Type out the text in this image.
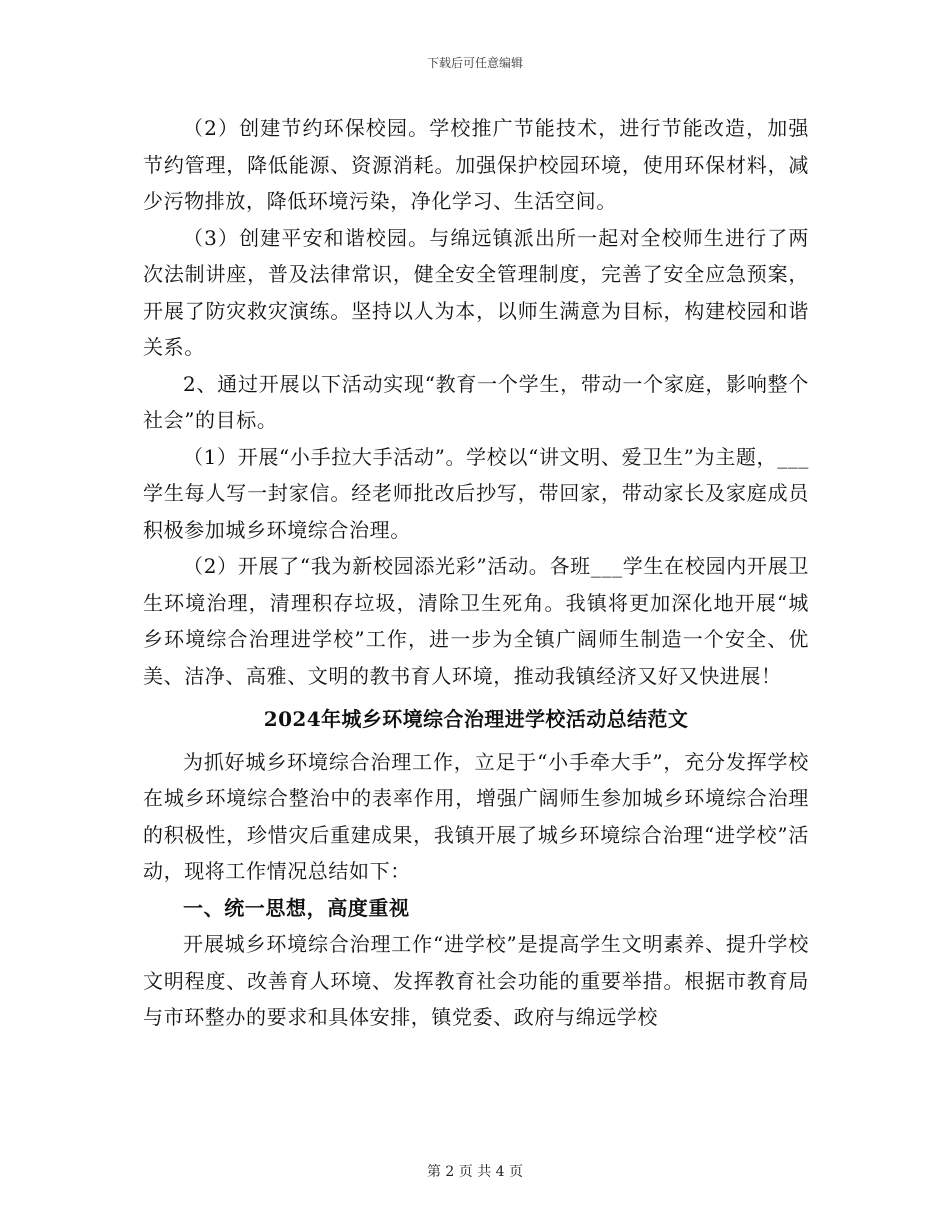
下载后可任意编辑

（2）创建节约环保校园。学校推广节能技术，进行节能改造，加强节约管理，降低能源、资源消耗。加强保护校园环境，使用环保材料，减少污物排放，降低环境污染，净化学习、生活空间。

（3）创建平安和谐校园。与绵远镇派出所一起对全校师生进行了两次法制讲座，普及法律常识，健全安全管理制度，完善了安全应急预案，开展了防灾救灾演练。坚持以人为本，以师生满意为目标，构建校园和谐关系。

2、通过开展以下活动实现“教育一个学生，带动一个家庭，影响整个社会”的目标。

（1）开展“小手拉大手活动”。学校以“讲文明、爱卫生”为主题，___学生每人写一封家信。经老师批改后抄写，带回家，带动家长及家庭成员积极参加城乡环境综合治理。

（2）开展了“我为新校园添光彩”活动。各班___学生在校园内开展卫生环境治理，清理积存垃圾，清除卫生死角。我镇将更加深化地开展“城乡环境综合治理进学校”工作，进一步为全镇广阔师生制造一个安全、优美、洁净、高雅、文明的教书育人环境，推动我镇经济又好又快进展！

2024年城乡环境综合治理进学校活动总结范文

为抓好城乡环境综合治理工作，立足于“小手牵大手”，充分发挥学校在城乡环境综合整治中的表率作用，增强广阔师生参加城乡环境综合治理的积极性，珍惜灾后重建成果，我镇开展了城乡环境综合治理“进学校”活动，现将工作情况总结如下：

一、统一思想，高度重视

开展城乡环境综合治理工作“进学校”是提高学生文明素养、提升学校文明程度、改善育人环境、发挥教育社会功能的重要举措。根据市教育局与市环整办的要求和具体安排，镇党委、政府与绵远学校

第 2 页 共 4 页
